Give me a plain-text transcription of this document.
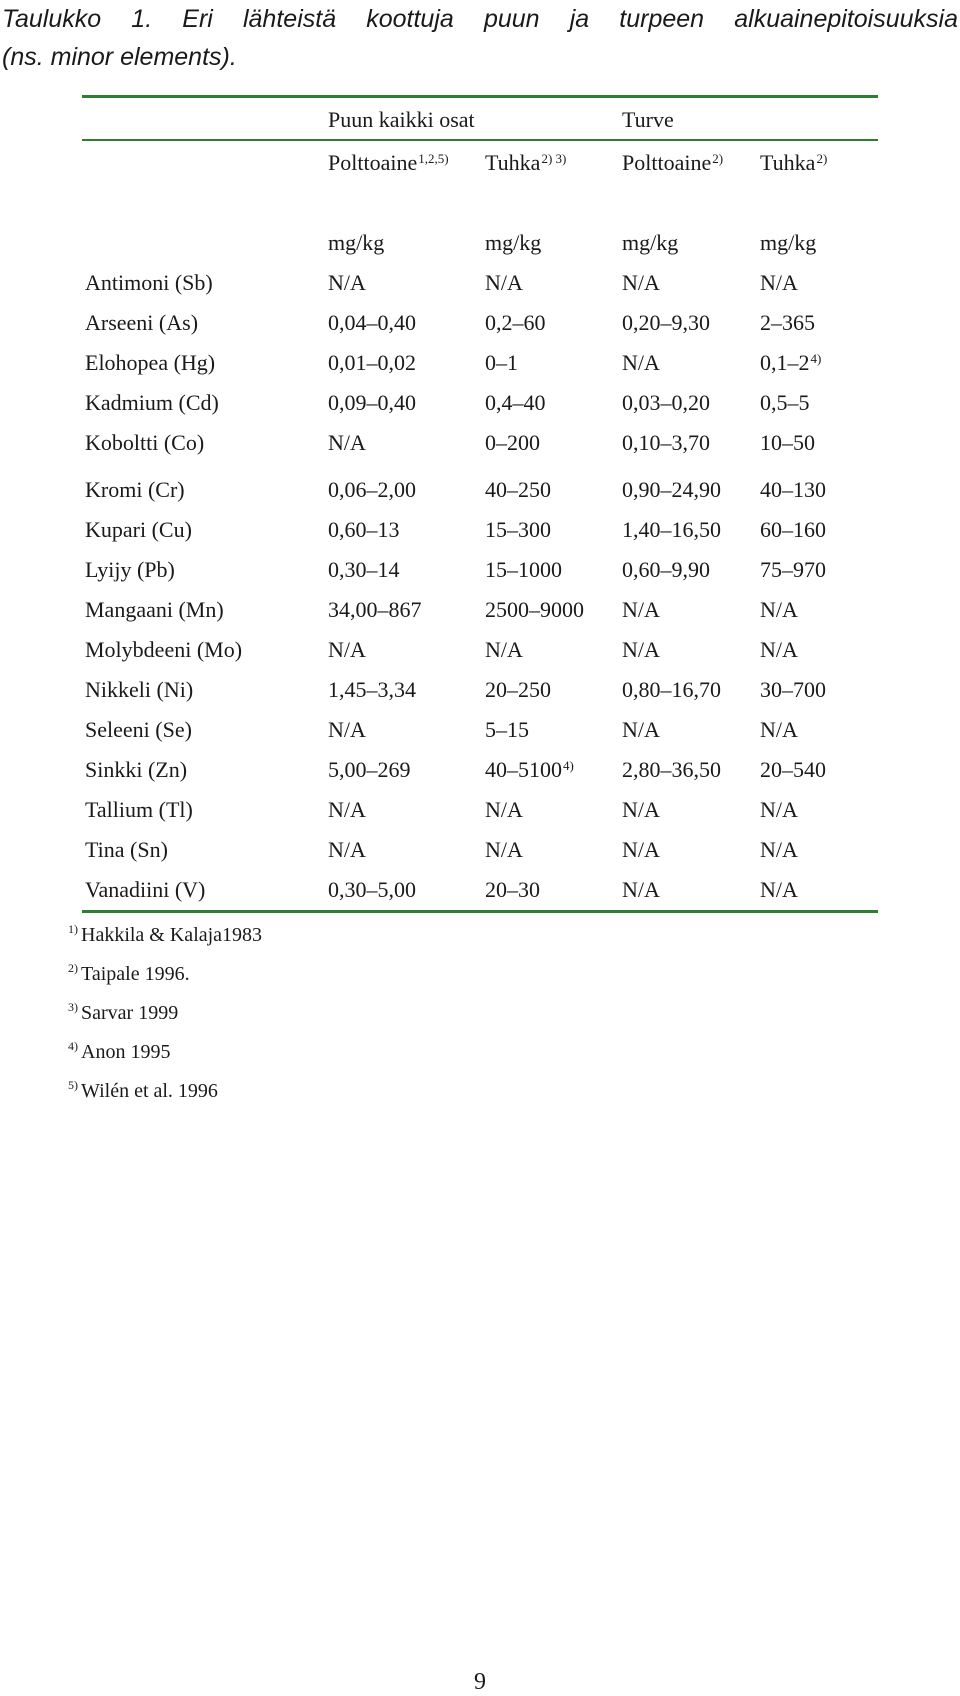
Taulukko 1. Eri lähteistä koottuja puun ja turpeen alkuainepitoisuuksia
(ns. minor elements).
Puun kaikki osat	Turve
Polttoaine$^{1,2,5)}$ Tuhka$^{2) 3)}$	Polttoaine$^{2)}$ Tuhka$^{2)}$
mg/kg	mg/kg	mg/kg	mg/kg
Antimoni (Sb)	N/A	N/A	N/A	N/A
Arseeni (As)	0,04–0,40	0,2–60	0,20–9,30 2–365
Elohopea (Hg)	0,01–0,02	0–1	N/A	0,1–2$^{4)}$
Kadmium (Cd)	0,09–0,40	0,4–40	0,03–0,20 0,5–5
Koboltti (Co)	N/A	0–200	0,10–3,70 10–50
Kromi (Cr)	0,06–2,00	40–250	0,90–24,90 40–130
Kupari (Cu)	0,60–13	15–300	1,40–16,50 60–160
Lyijy (Pb)	0,30–14	15–1000	0,60–9,90 75–970
Mangaani (Mn)	34,00–867	2500–9000 N/A	N/A
Molybdeeni (Mo)	N/A	N/A	N/A	N/A
Nikkeli (Ni)	1,45–3,34	20–250	0,80–16,70 30–700
Seleeni (Se)	N/A	5–15	N/A	N/A
Sinkki (Zn)	5,00–269	40–5100$^{4)}$ 2,80–36,50 20–540
Tallium (Tl)	N/A	N/A	N/A	N/A
Tina (Sn)	N/A	N/A	N/A	N/A
Vanadiini (V)	0,30–5,00	20–30	N/A	N/A
$^{1)}$ Hakkila & Kalaja1983
$^{2)}$ Taipale 1996.
$^{3)}$ Sarvar 1999
$^{4)}$ Anon 1995
$^{5)}$ Wilén et al. 1996
9
